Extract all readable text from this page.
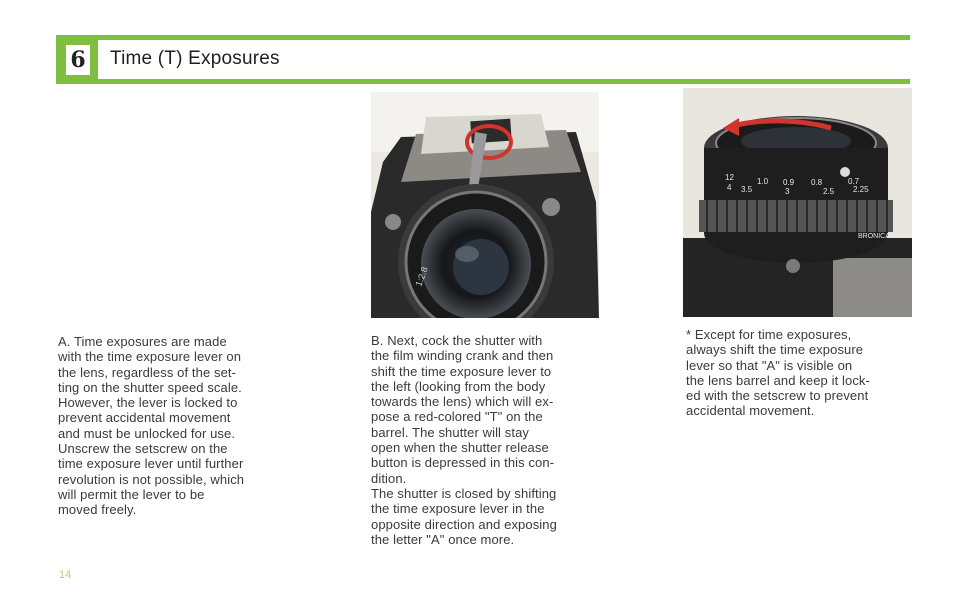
6 Time (T) Exposures
1:2.8
12	1.0 0.9 0.8	0.7
4 3.5	3	2.5 2.25
BRONICA
A. Time exposures are made
with the time exposure lever on
the lens, regardless of the set-
ting on the shutter speed scale.
However, the lever is locked to
prevent accidental movement
and must be unlocked for use.
Unscrew the setscrew on the
time exposure lever until further
revolution is not possible, which
will permit the lever to be
moved freely.
B. Next, cock the shutter with
the film winding crank and then
shift the time exposure lever to
the left (looking from the body
towards the lens) which will ex-
pose a red-colored "T" on the
barrel. The shutter will stay
open when the shutter release
button is depressed in this con-
dition.
The shutter is closed by shifting
the time exposure lever in the
opposite direction and exposing
the letter "A" once more.
* Except for time exposures,
always shift the time exposure
lever so that "A" is visible on
the lens barrel and keep it lock-
ed with the setscrew to prevent
accidental movement.
14
